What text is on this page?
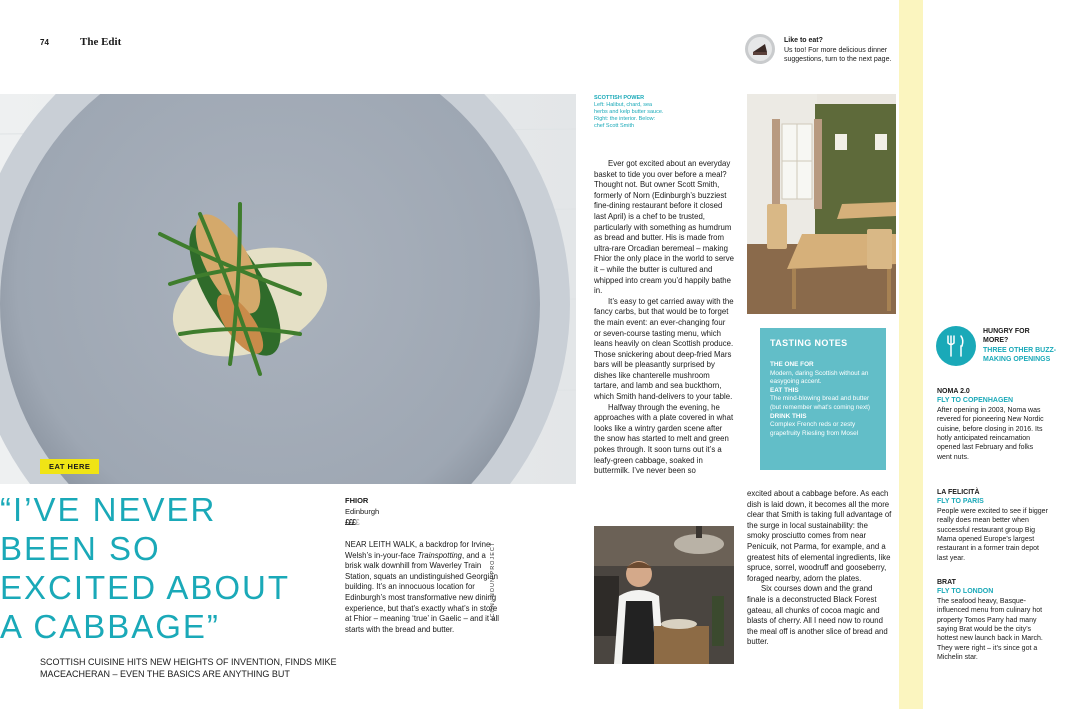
74	The Edit	Like to eat?
Us too! For more delicious dinner suggestions, turn to the next page.
EAT HERE
“I’VE NEVER
BEEN SO
EXCITED ABOUT
A CABBAGE”
SCOTTISH CUISINE HITS NEW HEIGHTS OF INVENTION, FINDS MIKE MACEACHERAN – EVEN THE BASICS ARE ANYTHING BUT
FHIOR
Edinburgh
££££

NEAR LEITH WALK, a backdrop for Irvine Welsh’s in-your-face Trainspotting, and a brisk walk downhill from Waverley Train Station, squats an undistinguished Georgian building. It’s an innocuous location for Edinburgh’s most transformative new dining experience, but that’s exactly what’s in store at Fhior – meaning ‘true’ in Gaelic – and it all starts with the bread and butter.

ICON: NOUN PROJECT
SCOTTISH POWER
Left: Halibut, chard, sea herbs and kelp butter sauce. Right: the interior. Below: chef Scott Smith

Ever got excited about an everyday basket to tide you over before a meal? Thought not. But owner Scott Smith, formerly of Norn (Edinburgh’s buzziest fine-dining restaurant before it closed last April) is a chef to be trusted, particularly with something as humdrum as bread and butter. His is made from ultra-rare Orcadian beremeal – making Fhior the only place in the world to serve it – while the butter is cultured and whipped into cream you’d happily bathe in.

It’s easy to get carried away with the fancy carbs, but that would be to forget the main event: an ever-changing four or seven-course tasting menu, which leans heavily on clean Scottish produce. Those snickering about deep-fried Mars bars will be pleasantly surprised by dishes like chanterelle mushroom tartare, and lamb and sea buckthorn, which Smith hand-delivers to your table.

Halfway through the evening, he approaches with a plate covered in what looks like a wintry garden scene after the snow has started to melt and green pokes through. It soon turns out it’s a leafy-green cabbage, soaked in buttermilk. I’ve never been so

TASTING NOTES
THE ONE FOR
Modern, daring Scottish without an easygoing accent.
EAT THIS
The mind-blowing bread and butter (but remember what’s coming next)
DRINK THIS
Complex French reds or zesty grapefruity Riesling from Mosel

excited about a cabbage before. As each dish is laid down, it becomes all the more clear that Smith is taking full advantage of the surge in local sustainability: the smoky prosciutto comes from near Penicuik, not Parma, for example, and a greatest hits of elemental ingredients, like spruce, sorrel, woodruff and gooseberry, foraged nearby, adorn the plates.

Six courses down and the grand finale is a deconstructed Black Forest gateau, all chunks of cocoa magic and blasts of cherry. All I need now to round the meal off is another slice of bread and butter.

HUNGRY FOR MORE?
THREE OTHER BUZZ-MAKING OPENINGS
NOMA 2.0
FLY TO COPENHAGEN
After opening in 2003, Noma was revered for pioneering New Nordic cuisine, before closing in 2016. Its hotly anticipated reincarnation opened last February and folks went nuts.
LA FELICITÀ
FLY TO PARIS
People were excited to see if bigger really does mean better when successful restaurant group Big Mama opened Europe’s largest restaurant in a former train depot last year.
BRAT
FLY TO LONDON
The seafood heavy, Basque-influenced menu from culinary hot property Tomos Parry had many saying Brat would be the city’s hottest new launch back in March. They were right – it’s since got a Michelin star.
